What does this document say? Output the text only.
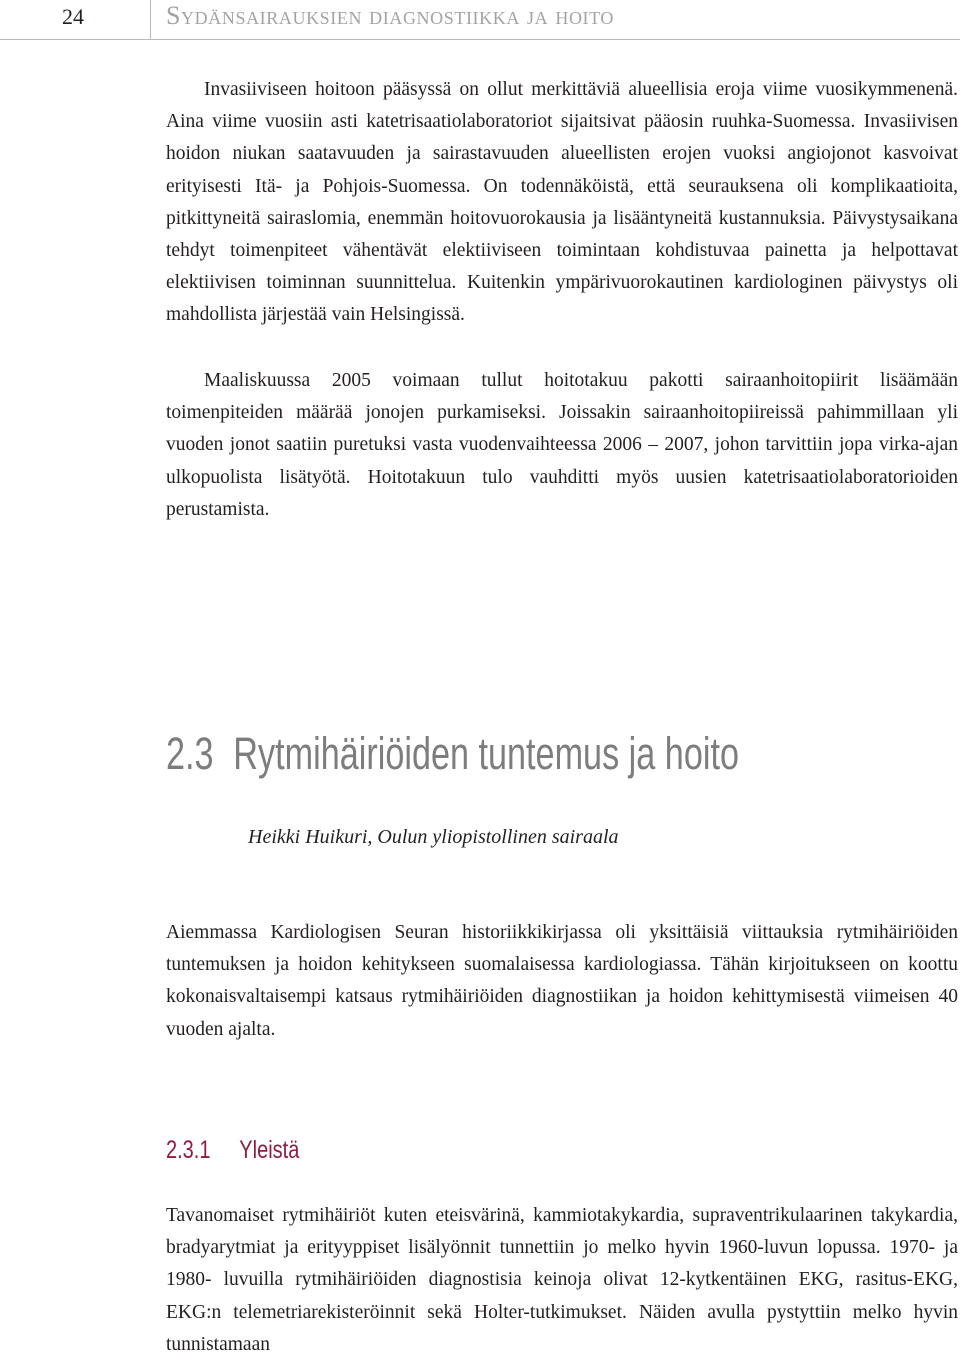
24	Sydänsairauksien diagnostiikka ja hoito

Invasiiviseen hoitoon pääsyssä on ollut merkittäviä alueellisia eroja viime vuosikymmenenä. Aina viime vuosiin asti katetrisaatiolaboratoriot sijaitsivat pääosin ruuhka-Suomessa. Invasiivisen hoidon niukan saatavuuden ja sairastavuuden alueellisten erojen vuoksi angiojonot kasvoivat erityisesti Itä- ja Pohjois-Suomessa. On todennäköistä, että seurauksena oli komplikaatioita, pitkittyneitä sairaslomia, enemmän hoitovuorokausia ja lisääntyneitä kustannuksia. Päivystysaikana tehdyt toimenpiteet vähentävät elektiiviseen toimintaan kohdistuvaa painetta ja helpottavat elektiivisen toiminnan suunnittelua. Kuitenkin ympärivuorokautinen kardiologinen päivystys oli mahdollista järjestää vain Helsingissä.

Maaliskuussa 2005 voimaan tullut hoitotakuu pakotti sairaanhoitopiirit lisäämään toimenpiteiden määrää jonojen purkamiseksi. Joissakin sairaanhoitopiireissä pahimmillaan yli vuoden jonot saatiin puretuksi vasta vuodenvaihteessa 2006 – 2007, johon tarvittiin jopa virka-ajan ulkopuolista lisätyötä. Hoitotakuun tulo vauhditti myös uusien katetrisaatiolaboratorioiden perustamista.

2.3 Rytmihäiriöiden tuntemus ja hoito
Heikki Huikuri, Oulun yliopistollinen sairaala

Aiemmassa Kardiologisen Seuran historiikkikirjassa oli yksittäisiä viittauksia rytmihäiriöiden tuntemuksen ja hoidon kehitykseen suomalaisessa kardiologiassa. Tähän kirjoitukseen on koottu kokonaisvaltaisempi katsaus rytmihäiriöiden diagnostiikan ja hoidon kehittymisestä viimeisen 40 vuoden ajalta.

2.3.1 Yleistä

Tavanomaiset rytmihäiriöt kuten eteisvärinä, kammiotakykardia, supraventrikulaarinen takykardia, bradyarytmiat ja erityyppiset lisälyönnit tunnettiin jo melko hyvin 1960-luvun lopussa. 1970- ja 1980- luvuilla rytmihäiriöiden diagnostisia keinoja olivat 12-kytkentäinen EKG, rasitus-EKG, EKG:n telemetriarekisteröinnit sekä Holter-tutkimukset. Näiden avulla pystyttiin melko hyvin tunnistamaan
